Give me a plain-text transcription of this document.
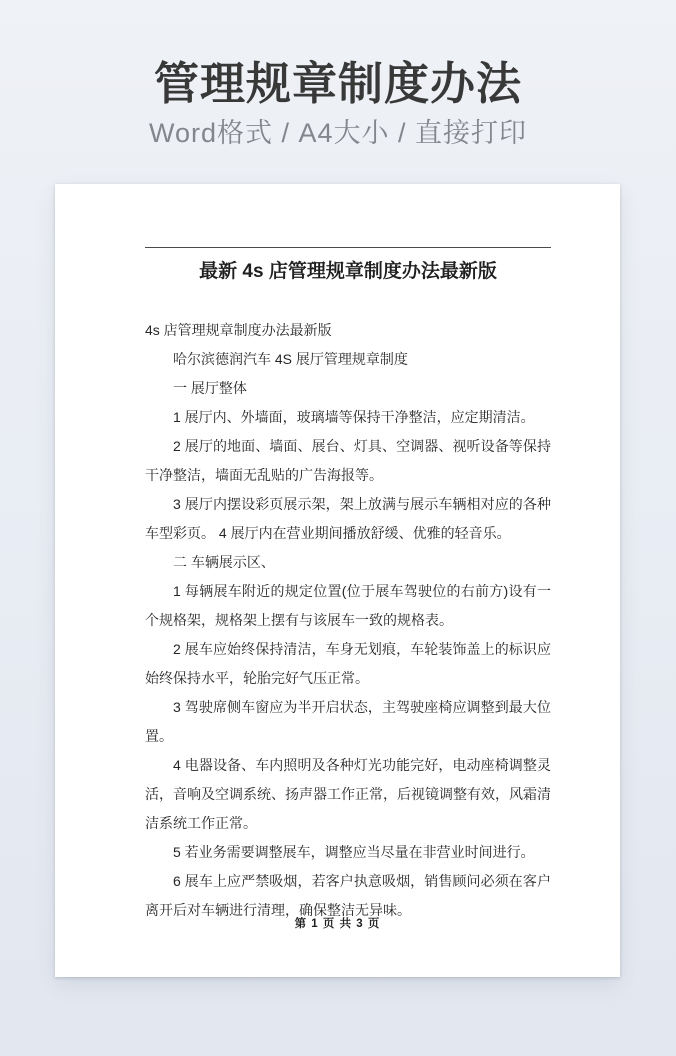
管理规章制度办法
Word格式 / A4大小 / 直接打印
最新 4s 店管理规章制度办法最新版

4s 店管理规章制度办法最新版

哈尔滨德润汽车 4S 展厅管理规章制度

一 展厅整体

1 展厅内、外墙面，玻璃墙等保持干净整洁，应定期清洁。

2 展厅的地面、墙面、展台、灯具、空调器、视听设备等保持干净整洁，墙面无乱贴的广告海报等。

3 展厅内摆设彩页展示架，架上放满与展示车辆相对应的各种车型彩页。 4 展厅内在营业期间播放舒缓、优雅的轻音乐。

二 车辆展示区、

1 每辆展车附近的规定位置(位于展车驾驶位的右前方)设有一个规格架，规格架上摆有与该展车一致的规格表。

2 展车应始终保持清洁，车身无划痕，车轮装饰盖上的标识应始终保持水平，轮胎完好气压正常。

3 驾驶席侧车窗应为半开启状态，主驾驶座椅应调整到最大位置。

4 电器设备、车内照明及各种灯光功能完好，电动座椅调整灵活，音响及空调系统、扬声器工作正常，后视镜调整有效，风霜清洁系统工作正常。

5 若业务需要调整展车，调整应当尽量在非营业时间进行。

6 展车上应严禁吸烟，若客户执意吸烟，销售顾问必须在客户离开后对车辆进行清理，确保整洁无异味。

第 1 页 共 3 页
